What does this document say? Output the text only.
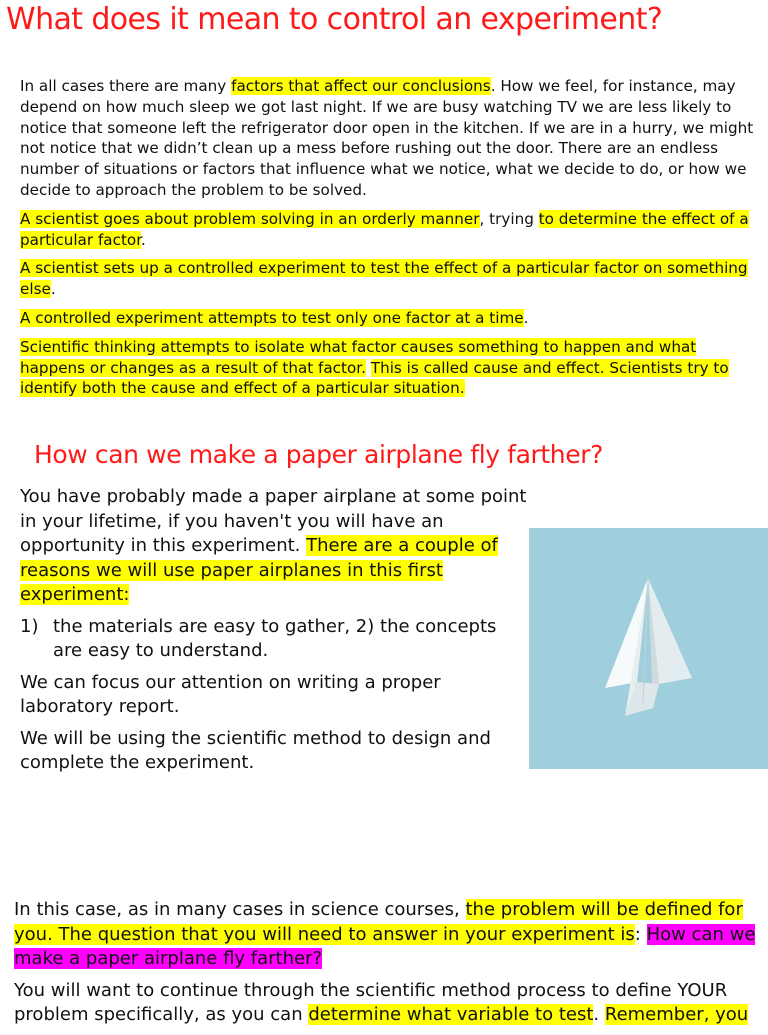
What does it mean to control an experiment?

In all cases there are many factors that affect our conclusions. How we feel, for instance, may depend on how much sleep we got last night. If we are busy watching TV we are less likely to notice that someone left the refrigerator door open in the kitchen. If we are in a hurry, we might not notice that we didn’t clean up a mess before rushing out the door. There are an endless number of situations or factors that influence what we notice, what we decide to do, or how we decide to approach the problem to be solved.

A scientist goes about problem solving in an orderly manner, trying to determine the effect of a particular factor.

A scientist sets up a controlled experiment to test the effect of a particular factor on something else.

A controlled experiment attempts to test only one factor at a time.

Scientific thinking attempts to isolate what factor causes something to happen and what happens or changes as a result of that factor. This is called cause and effect. Scientists try to identify both the cause and effect of a particular situation.

How can we make a paper airplane fly farther?

You have probably made a paper airplane at some point in your lifetime, if you haven't you will have an opportunity in this experiment. There are a couple of reasons we will use paper airplanes in this first experiment:

1) the materials are easy to gather, 2) the concepts are easy to understand.

We can focus our attention on writing a proper laboratory report.

We will be using the scientific method to design and complete the experiment.

In this case, as in many cases in science courses, the problem will be defined for you. The question that you will need to answer in your experiment is: How can we make a paper airplane fly farther?

You will want to continue through the scientific method process to define YOUR problem specifically, as you can determine what variable to test. Remember, you
